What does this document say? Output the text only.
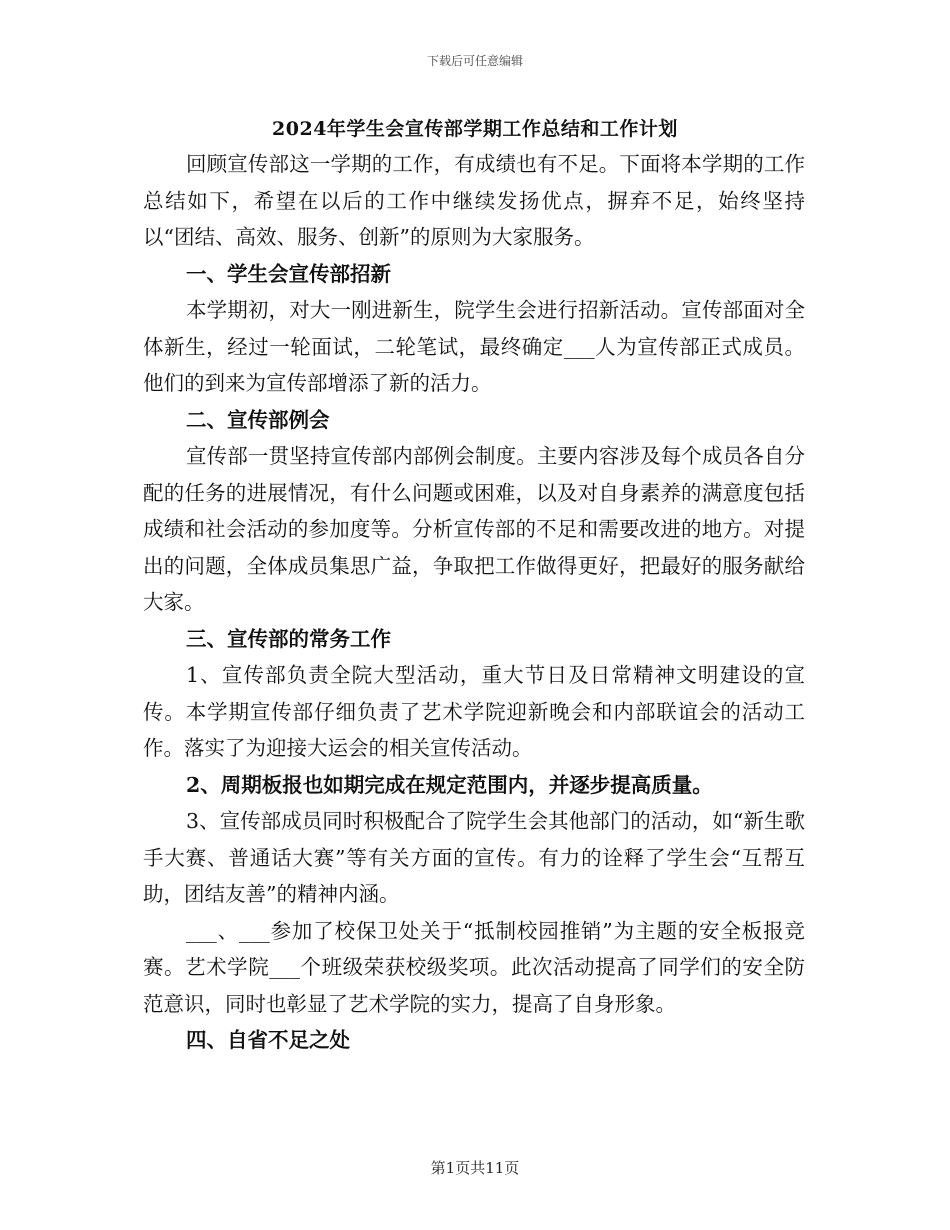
下载后可任意编辑
2024年学生会宣传部学期工作总结和工作计划

回顾宣传部这一学期的工作，有成绩也有不足。下面将本学期的工作总结如下，希望在以后的工作中继续发扬优点，摒弃不足，始终坚持以“团结、高效、服务、创新”的原则为大家服务。

一、学生会宣传部招新

本学期初，对大一刚进新生，院学生会进行招新活动。宣传部面对全体新生，经过一轮面试，二轮笔试，最终确定___人为宣传部正式成员。他们的到来为宣传部增添了新的活力。

二、宣传部例会

宣传部一贯坚持宣传部内部例会制度。主要内容涉及每个成员各自分配的任务的进展情况，有什么问题或困难，以及对自身素养的满意度包括成绩和社会活动的参加度等。分析宣传部的不足和需要改进的地方。对提出的问题，全体成员集思广益，争取把工作做得更好，把最好的服务献给大家。

三、宣传部的常务工作

1、宣传部负责全院大型活动，重大节日及日常精神文明建设的宣传。本学期宣传部仔细负责了艺术学院迎新晚会和内部联谊会的活动工作。落实了为迎接大运会的相关宣传活动。

2、周期板报也如期完成在规定范围内，并逐步提高质量。

3、宣传部成员同时积极配合了院学生会其他部门的活动，如“新生歌手大赛、普通话大赛”等有关方面的宣传。有力的诠释了学生会“互帮互助，团结友善”的精神内涵。

___、___参加了校保卫处关于“抵制校园推销”为主题的安全板报竞赛。艺术学院___个班级荣获校级奖项。此次活动提高了同学们的安全防范意识，同时也彰显了艺术学院的实力，提高了自身形象。

四、自省不足之处

第1页共11页
